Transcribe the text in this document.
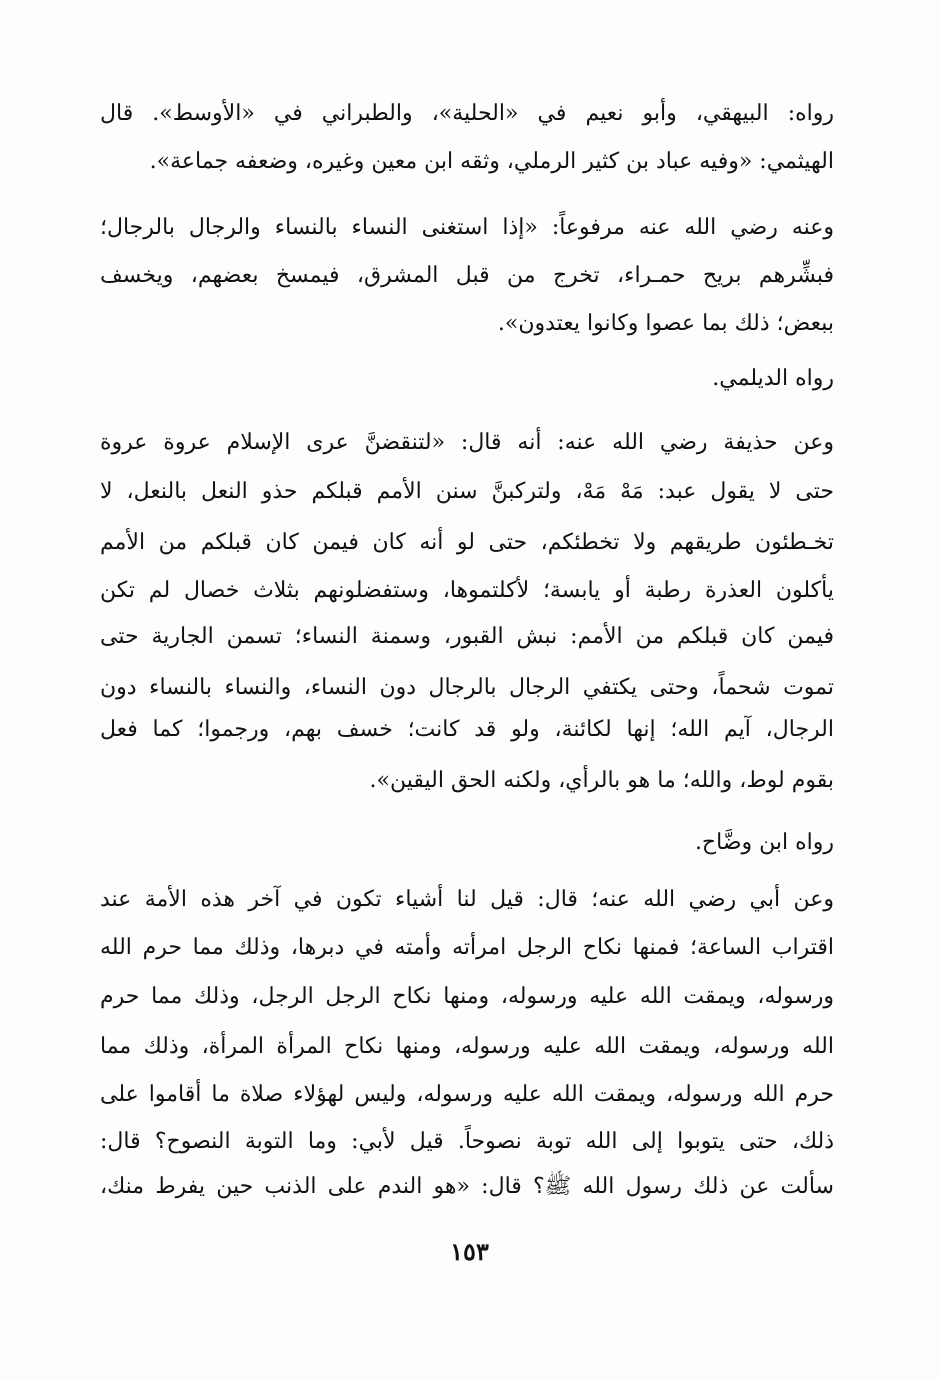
رواه: البيهقي، وأبو نعيم في «الحلية»، والطبراني في «الأوسط». قال
الهيثمي: «وفيه عباد بن كثير الرملي، وثقه ابن معين وغيره، وضعفه جماعة».
وعنه رضي الله عنه مرفوعاً: «إذا استغنى النساء بالنساء والرجال بالرجال؛
فبشِّرهم بريح حمـراء، تخرج من قبل المشرق، فيمسخ بعضهم، ويخسف
ببعض؛ ذلك بما عصوا وكانوا يعتدون».
رواه الديلمي.
وعن حذيفة رضي الله عنه: أنه قال: «لتنقضنَّ عرى الإسلام عروة عروة
حتى لا يقول عبد: مَهْ مَهْ، ولتركبنَّ سنن الأمم قبلكم حذو النعل بالنعل، لا
تخـطئون طريقهم ولا تخطئكم، حتى لو أنه كان فيمن كان قبلكم من الأمم
يأكلون العذرة رطبة أو يابسة؛ لأكلتموها، وستفضلونهم بثلاث خصال لم تكن
فيمن كان قبلكم من الأمم: نبش القبور، وسمنة النساء؛ تسمن الجارية حتى
تموت شحماً، وحتى يكتفي الرجال بالرجال دون النساء، والنساء بالنساء دون
الرجال، آيم الله؛ إنها لكائنة، ولو قد كانت؛ خسف بهم، ورجموا؛ كما فعل
بقوم لوط، والله؛ ما هو بالرأي، ولكنه الحق اليقين».
رواه ابن وضَّاح.
وعن أبي رضي الله عنه؛ قال: قيل لنا أشياء تكون في آخر هذه الأمة عند
اقتراب الساعة؛ فمنها نكاح الرجل امرأته وأمته في دبرها، وذلك مما حرم الله
ورسوله، ويمقت الله عليه ورسوله، ومنها نكاح الرجل الرجل، وذلك مما حرم
الله ورسوله، ويمقت الله عليه ورسوله، ومنها نكاح المرأة المرأة، وذلك مما
حرم الله ورسوله، ويمقت الله عليه ورسوله، وليس لهؤلاء صلاة ما أقاموا على
ذلك، حتى يتوبوا إلى الله توبة نصوحاً. قيل لأبي: وما التوبة النصوح؟ قال:
سألت عن ذلك رسول الله ﷺ؟ قال: «هو الندم على الذنب حين يفرط منك،
١٥٣
